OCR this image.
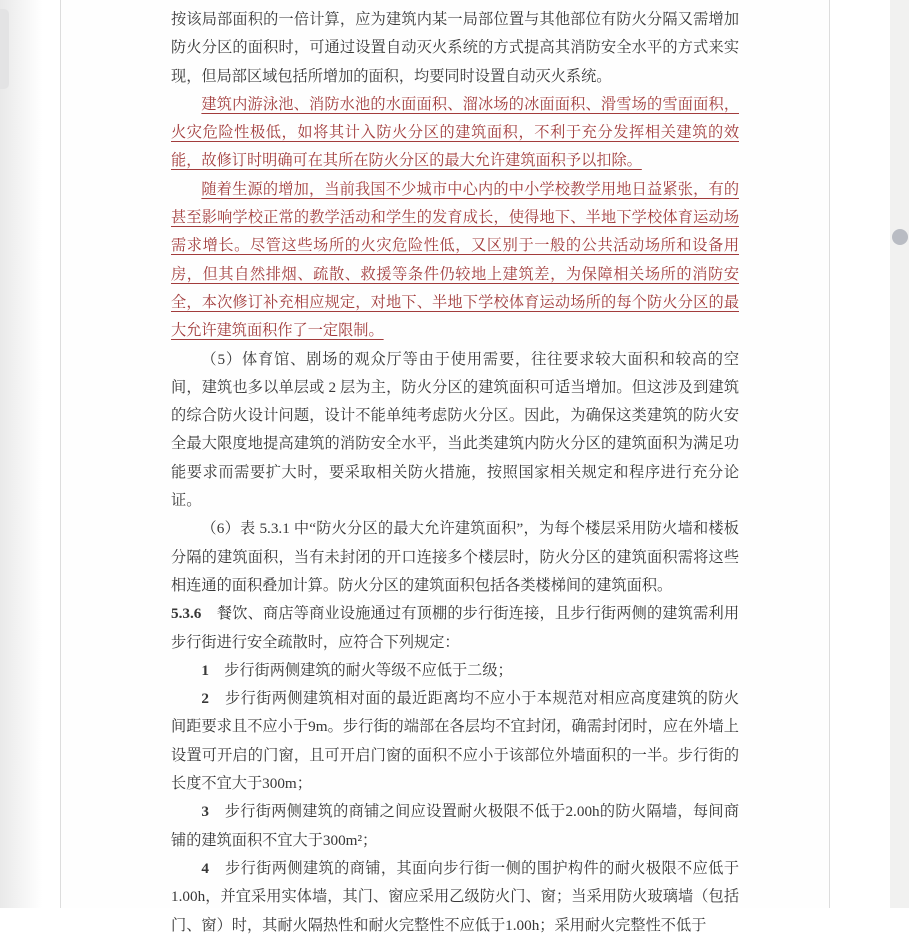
按该局部面积的一倍计算，应为建筑内某一局部位置与其他部位有防火分隔又需增加防火分区的面积时，可通过设置自动灭火系统的方式提高其消防安全水平的方式来实现，但局部区域包括所增加的面积，均要同时设置自动灭火系统。

建筑内游泳池、消防水池的水面面积、溜冰场的冰面面积、滑雪场的雪面面积，火灾危险性极低，如将其计入防火分区的建筑面积，不利于充分发挥相关建筑的效能，故修订时明确可在其所在防火分区的最大允许建筑面积予以扣除。

随着生源的增加，当前我国不少城市中心内的中小学校教学用地日益紧张，有的甚至影响学校正常的教学活动和学生的发育成长，使得地下、半地下学校体育运动场需求增长。尽管这些场所的火灾危险性低，又区别于一般的公共活动场所和设备用房，但其自然排烟、疏散、救援等条件仍较地上建筑差，为保障相关场所的消防安全，本次修订补充相应规定，对地下、半地下学校体育运动场所的每个防火分区的最大允许建筑面积作了一定限制。

（5）体育馆、剧场的观众厅等由于使用需要，往往要求较大面积和较高的空间，建筑也多以单层或 2 层为主，防火分区的建筑面积可适当增加。但这涉及到建筑的综合防火设计问题，设计不能单纯考虑防火分区。因此，为确保这类建筑的防火安全最大限度地提高建筑的消防安全水平，当此类建筑内防火分区的建筑面积为满足功能要求而需要扩大时，要采取相关防火措施，按照国家相关规定和程序进行充分论证。

（6）表 5.3.1 中“防火分区的最大允许建筑面积”，为每个楼层采用防火墙和楼板分隔的建筑面积，当有未封闭的开口连接多个楼层时，防火分区的建筑面积需将这些相连通的面积叠加计算。防火分区的建筑面积包括各类楼梯间的建筑面积。

5.3.6　餐饮、商店等商业设施通过有顶棚的步行街连接，且步行街两侧的建筑需利用步行街进行安全疏散时，应符合下列规定：

1　步行街两侧建筑的耐火等级不应低于二级；

2　步行街两侧建筑相对面的最近距离均不应小于本规范对相应高度建筑的防火间距要求且不应小于9m。步行街的端部在各层均不宜封闭，确需封闭时，应在外墙上设置可开启的门窗，且可开启门窗的面积不应小于该部位外墙面积的一半。步行街的长度不宜大于300m；

3　步行街两侧建筑的商铺之间应设置耐火极限不低于2.00h的防火隔墙，每间商铺的建筑面积不宜大于300m²；

4　步行街两侧建筑的商铺，其面向步行街一侧的围护构件的耐火极限不应低于1.00h，并宜采用实体墙，其门、窗应采用乙级防火门、窗；当采用防火玻璃墙（包括门、窗）时，其耐火隔热性和耐火完整性不应低于1.00h；采用耐火完整性不低于
